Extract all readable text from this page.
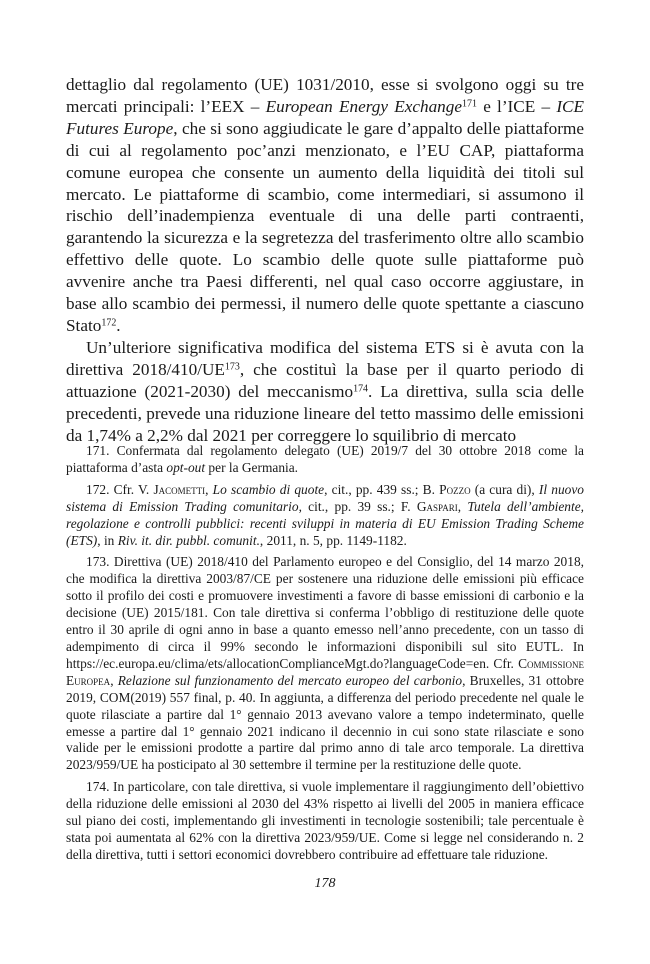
dettaglio dal regolamento (UE) 1031/2010, esse si svolgono oggi su tre mercati principali: l’EEX – European Energy Exchange$^{171}$ e l’ICE – ICE Futures Europe, che si sono aggiudicate le gare d’appalto delle piattaforme di cui al regolamento poc’anzi menzionato, e l’EU CAP, piattaforma comune europea che consente un aumento della liquidità dei titoli sul mercato. Le piattaforme di scambio, come intermediari, si assumono il rischio dell’inadempienza eventuale di una delle parti contraenti, garantendo la sicurezza e la segretezza del trasferimento oltre allo scambio effettivo delle quote. Lo scambio delle quote sulle piattaforme può avvenire anche tra Paesi differenti, nel qual caso occorre aggiustare, in base allo scambio dei permessi, il numero delle quote spettante a ciascuno Stato$^{172}$.

Un’ulteriore significativa modifica del sistema ETS si è avuta con la direttiva 2018/410/UE$^{173}$, che costituì la base per il quarto periodo di attuazione (2021-2030) del meccanismo$^{174}$. La direttiva, sulla scia delle precedenti, prevede una riduzione lineare del tetto massimo delle emissioni da 1,74% a 2,2% dal 2021 per correggere lo squilibrio di mercato

171. Confermata dal regolamento delegato (UE) 2019/7 del 30 ottobre 2018 come la piattaforma d’asta opt-out per la Germania.

172. Cfr. V. Jacometti, Lo scambio di quote, cit., pp. 439 ss.; B. Pozzo (a cura di), Il nuovo sistema di Emission Trading comunitario, cit., pp. 39 ss.; F. Gaspari, Tutela dell’ambiente, regolazione e controlli pubblici: recenti sviluppi in materia di EU Emission Trading Scheme (ETS), in Riv. it. dir. pubbl. comunit., 2011, n. 5, pp. 1149-1182.

173. Direttiva (UE) 2018/410 del Parlamento europeo e del Consiglio, del 14 marzo 2018, che modifica la direttiva 2003/87/CE per sostenere una riduzione delle emissioni più efficace sotto il profilo dei costi e promuovere investimenti a favore di basse emissioni di carbonio e la decisione (UE) 2015/181. Con tale direttiva si conferma l’obbligo di restituzione delle quote entro il 30 aprile di ogni anno in base a quanto emesso nell’anno precedente, con un tasso di adempimento di circa il 99% secondo le informazioni disponibili sul sito EUTL. In https://ec.europa.eu/clima/ets/allocationComplianceMgt.do?languageCode=en. Cfr. Commissione Europea, Relazione sul funzionamento del mercato europeo del carbonio, Bruxelles, 31 ottobre 2019, COM(2019) 557 final, p. 40. In aggiunta, a differenza del periodo precedente nel quale le quote rilasciate a partire dal 1° gennaio 2013 avevano valore a tempo indeterminato, quelle emesse a partire dal 1° gennaio 2021 indicano il decennio in cui sono state rilasciate e sono valide per le emissioni prodotte a partire dal primo anno di tale arco temporale. La direttiva 2023/959/UE ha posticipato al 30 settembre il termine per la restituzione delle quote.

174. In particolare, con tale direttiva, si vuole implementare il raggiungimento dell’obiettivo della riduzione delle emissioni al 2030 del 43% rispetto ai livelli del 2005 in maniera efficace sul piano dei costi, implementando gli investimenti in tecnologie sostenibili; tale percentuale è stata poi aumentata al 62% con la direttiva 2023/959/UE. Come si legge nel considerando n. 2 della direttiva, tutti i settori economici dovrebbero contribuire ad effettuare tale riduzione.

178
